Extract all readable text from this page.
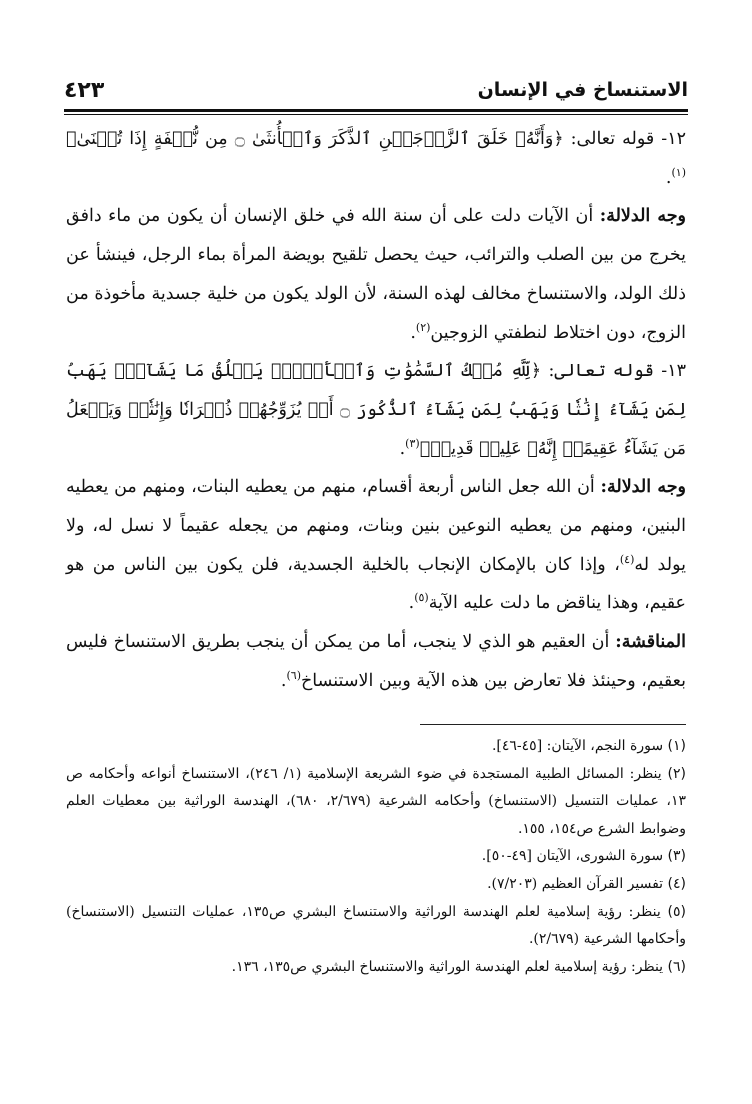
٤٢٣	الاستنساخ في الإنسان

١٢- قوله تعالى: ﴿وَأَنَّهُۥ خَلَقَ ٱلزَّوۡجَيۡنِ ٱلذَّكَرَ وَٱلۡأُنثَىٰ ۝ مِن نُّطۡفَةٍ إِذَا تُمۡنَىٰ﴾$^{(١)}$.

وجه الدلالة: أن الآيات دلت على أن سنة الله في خلق الإنسان أن يكون من ماء دافق يخرج من بين الصلب والترائب، حيث يحصل تلقيح بويضة المرأة بماء الرجل، فينشأ عن ذلك الولد، والاستنساخ مخالف لهذه السنة، لأن الولد يكون من خلية جسدية مأخوذة من الزوج، دون اختلاط لنطفتي الزوجين$^{(٢)}$.

١٣- قوله تعالى: ﴿لِّلَّهِ مُلۡكُ ٱلسَّمَٰوَٰتِ وَٱلۡأَرۡضِۚ يَخۡلُقُ مَا يَشَآءُۚ يَهَبُ لِمَن يَشَآءُ إِنَٰثٗا وَيَهَبُ لِمَن يَشَآءُ ٱلذُّكُورَ ۝ أَوۡ يُزَوِّجُهُمۡ ذُكۡرَانٗا وَإِنَٰثٗاۖ وَيَجۡعَلُ مَن يَشَآءُ عَقِيمًاۚ إِنَّهُۥ عَلِيمٞ قَدِيرٞ﴾$^{(٣)}$.

وجه الدلالة: أن الله جعل الناس أربعة أقسام، منهم من يعطيه البنات، ومنهم من يعطيه البنين، ومنهم من يعطيه النوعين بنين وبنات، ومنهم من يجعله عقيماً لا نسل له، ولا يولد له$^{(٤)}$، وإذا كان بالإمكان الإنجاب بالخلية الجسدية، فلن يكون بين الناس من هو عقيم، وهذا يناقض ما دلت عليه الآية$^{(٥)}$.

المناقشة: أن العقيم هو الذي لا ينجب، أما من يمكن أن ينجب بطريق الاستنساخ فليس بعقيم، وحينئذ فلا تعارض بين هذه الآية وبين الاستنساخ$^{(٦)}$.

(١) سورة النجم، الآيتان: [٤٥-٤٦].

(٢) ينظر: المسائل الطبية المستجدة في ضوء الشريعة الإسلامية (١/ ٢٤٦)، الاستنساخ أنواعه وأحكامه ص ١٣، عمليات التنسيل (الاستنساخ) وأحكامه الشرعية (٢/٦٧٩، ٦٨٠)، الهندسة الوراثية بين معطيات العلم وضوابط الشرع ص١٥٤، ١٥٥.

(٣) سورة الشورى، الآيتان [٤٩-٥٠].

(٤) تفسير القرآن العظيم (٧/٢٠٣).

(٥) ينظر: رؤية إسلامية لعلم الهندسة الوراثية والاستنساخ البشري ص١٣٥، عمليات التنسيل (الاستنساخ) وأحكامها الشرعية (٢/٦٧٩).

(٦) ينظر: رؤية إسلامية لعلم الهندسة الوراثية والاستنساخ البشري ص١٣٥، ١٣٦.
